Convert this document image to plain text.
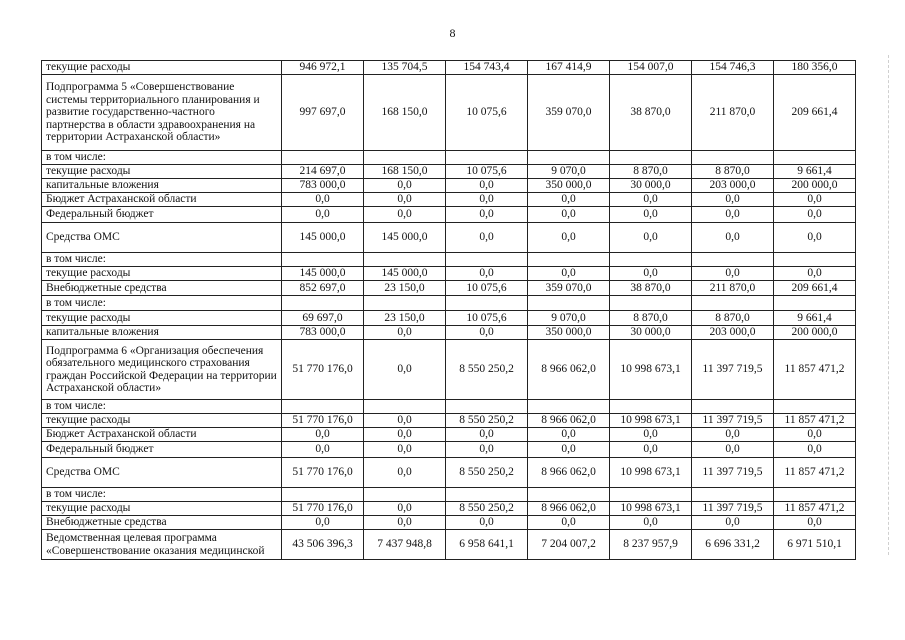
8
текущие расходы	946 972,1	135 704,5	154 743,4	167 414,9	154 007,0	154 746,3	180 356,0
Подпрограмма 5 «Совершенствование системы территориального планирования и развитие государственно-частного партнерства в области здравоохранения на территории Астраханской области»	997 697,0	168 150,0	10 075,6	359 070,0	38 870,0	211 870,0	209 661,4
в том числе:							
текущие расходы	214 697,0	168 150,0	10 075,6	9 070,0	8 870,0	8 870,0	9 661,4
капитальные вложения	783 000,0	0,0	0,0	350 000,0	30 000,0	203 000,0	200 000,0
Бюджет Астраханской области	0,0	0,0	0,0	0,0	0,0	0,0	0,0
Федеральный бюджет	0,0	0,0	0,0	0,0	0,0	0,0	0,0
Средства ОМС	145 000,0	145 000,0	0,0	0,0	0,0	0,0	0,0
в том числе:							
текущие расходы	145 000,0	145 000,0	0,0	0,0	0,0	0,0	0,0
Внебюджетные средства	852 697,0	23 150,0	10 075,6	359 070,0	38 870,0	211 870,0	209 661,4
в том числе:							
текущие расходы	69 697,0	23 150,0	10 075,6	9 070,0	8 870,0	8 870,0	9 661,4
капитальные вложения	783 000,0	0,0	0,0	350 000,0	30 000,0	203 000,0	200 000,0
Подпрограмма 6 «Организация обеспечения обязательного медицинского страхования граждан Российской Федерации на территории Астраханской области»	51 770 176,0	0,0	8 550 250,2	8 966 062,0	10 998 673,1	11 397 719,5	11 857 471,2
в том числе:							
текущие расходы	51 770 176,0	0,0	8 550 250,2	8 966 062,0	10 998 673,1	11 397 719,5	11 857 471,2
Бюджет Астраханской области	0,0	0,0	0,0	0,0	0,0	0,0	0,0
Федеральный бюджет	0,0	0,0	0,0	0,0	0,0	0,0	0,0
Средства ОМС	51 770 176,0	0,0	8 550 250,2	8 966 062,0	10 998 673,1	11 397 719,5	11 857 471,2
в том числе:							
текущие расходы	51 770 176,0	0,0	8 550 250,2	8 966 062,0	10 998 673,1	11 397 719,5	11 857 471,2
Внебюджетные средства	0,0	0,0	0,0	0,0	0,0	0,0	0,0
Ведомственная целевая программа «Совершенствование оказания медицинской	43 506 396,3	7 437 948,8	6 958 641,1	7 204 007,2	8 237 957,9	6 696 331,2	6 971 510,1
